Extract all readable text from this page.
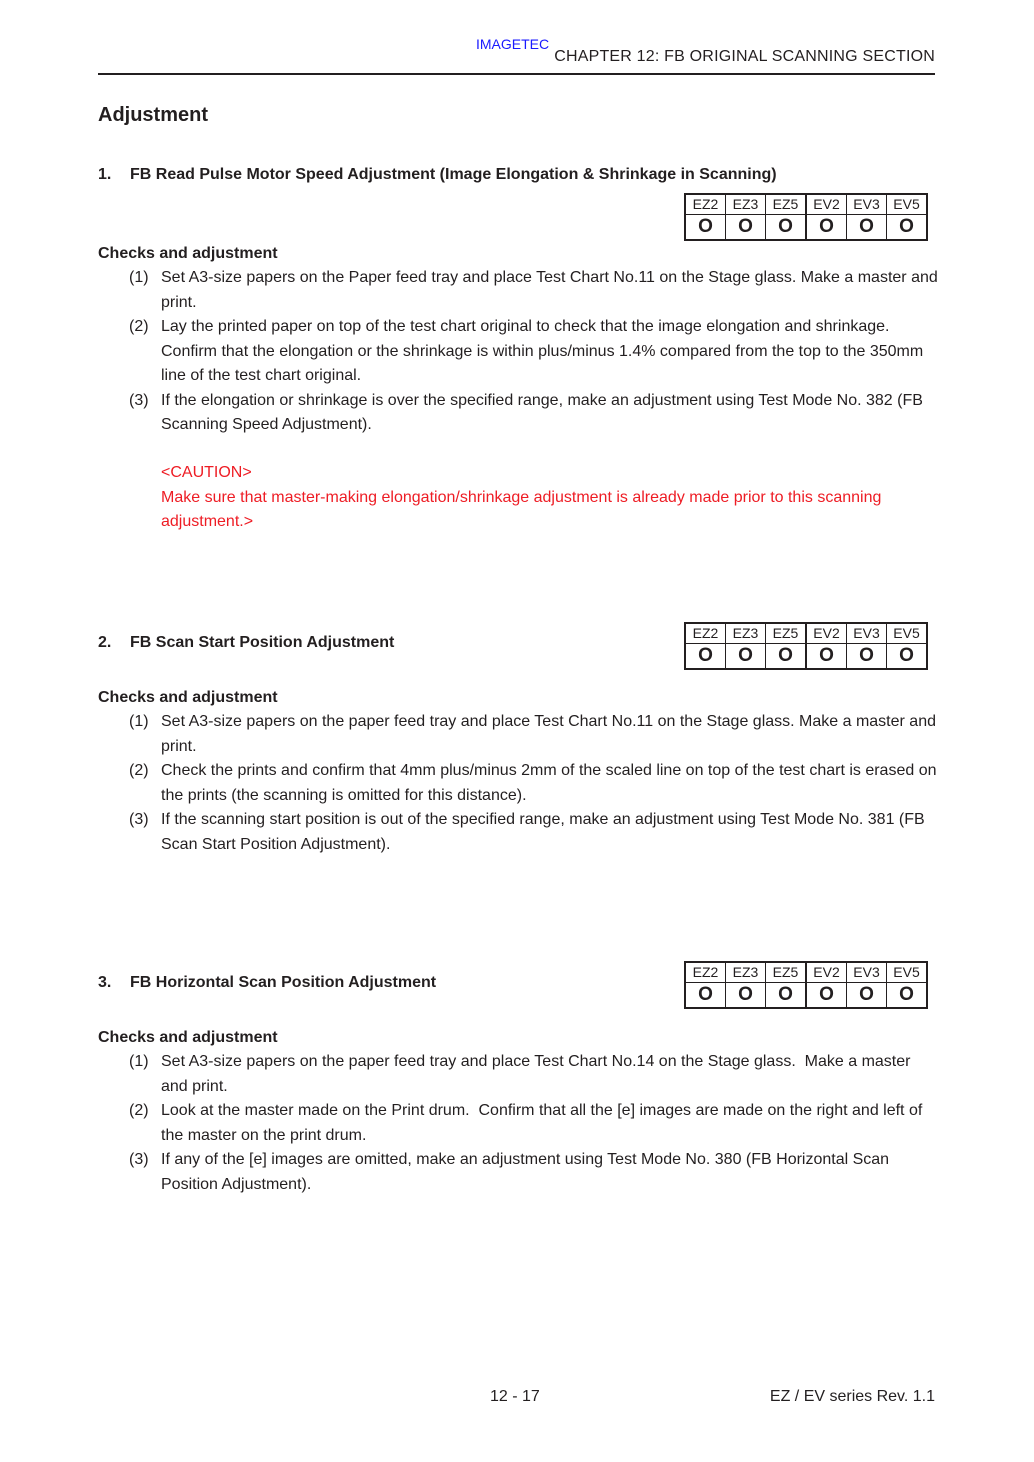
IMAGETEC
CHAPTER 12: FB ORIGINAL SCANNING SECTION
Adjustment
1. FB Read Pulse Motor Speed Adjustment (Image Elongation & Shrinkage in Scanning)
EZ2	EZ3	EZ5	EV2	EV3	EV5
O	O	O	O	O	O
Checks and adjustment
(1) Set A3-size papers on the Paper feed tray and place Test Chart No.11 on the Stage glass. Make a master and print.
(2) Lay the printed paper on top of the test chart original to check that the image elongation and shrinkage.   Confirm that the elongation or the shrinkage is within plus/minus 1.4% compared from the top to the 350mm line of the test chart original.
(3) If the elongation or shrinkage is over the specified range, make an adjustment using Test Mode No. 382 (FB Scanning Speed Adjustment).
<CAUTION>
Make sure that master-making elongation/shrinkage adjustment is already made prior to this scanning adjustment.>
2. FB Scan Start Position Adjustment
EZ2	EZ3	EZ5	EV2	EV3	EV5
O	O	O	O	O	O
Checks and adjustment
(1) Set A3-size papers on the paper feed tray and place Test Chart No.11 on the Stage glass. Make a master and print.
(2) Check the prints and confirm that 4mm plus/minus 2mm of the scaled line on top of the test chart is erased on the prints (the scanning is omitted for this distance).
(3) If the scanning start position is out of the specified range, make an adjustment using Test Mode No. 381 (FB Scan Start Position Adjustment).
3. FB Horizontal Scan Position Adjustment
EZ2	EZ3	EZ5	EV2	EV3	EV5
O	O	O	O	O	O
Checks and adjustment
(1) Set A3-size papers on the paper feed tray and place Test Chart No.14 on the Stage glass.  Make a master and print.
(2) Look at the master made on the Print drum.  Confirm that all the [e] images are made on the right and left of the master on the print drum.
(3) If any of the [e] images are omitted, make an adjustment using Test Mode No. 380 (FB Horizontal Scan Position Adjustment).
12 - 17	EZ / EV series Rev. 1.1
